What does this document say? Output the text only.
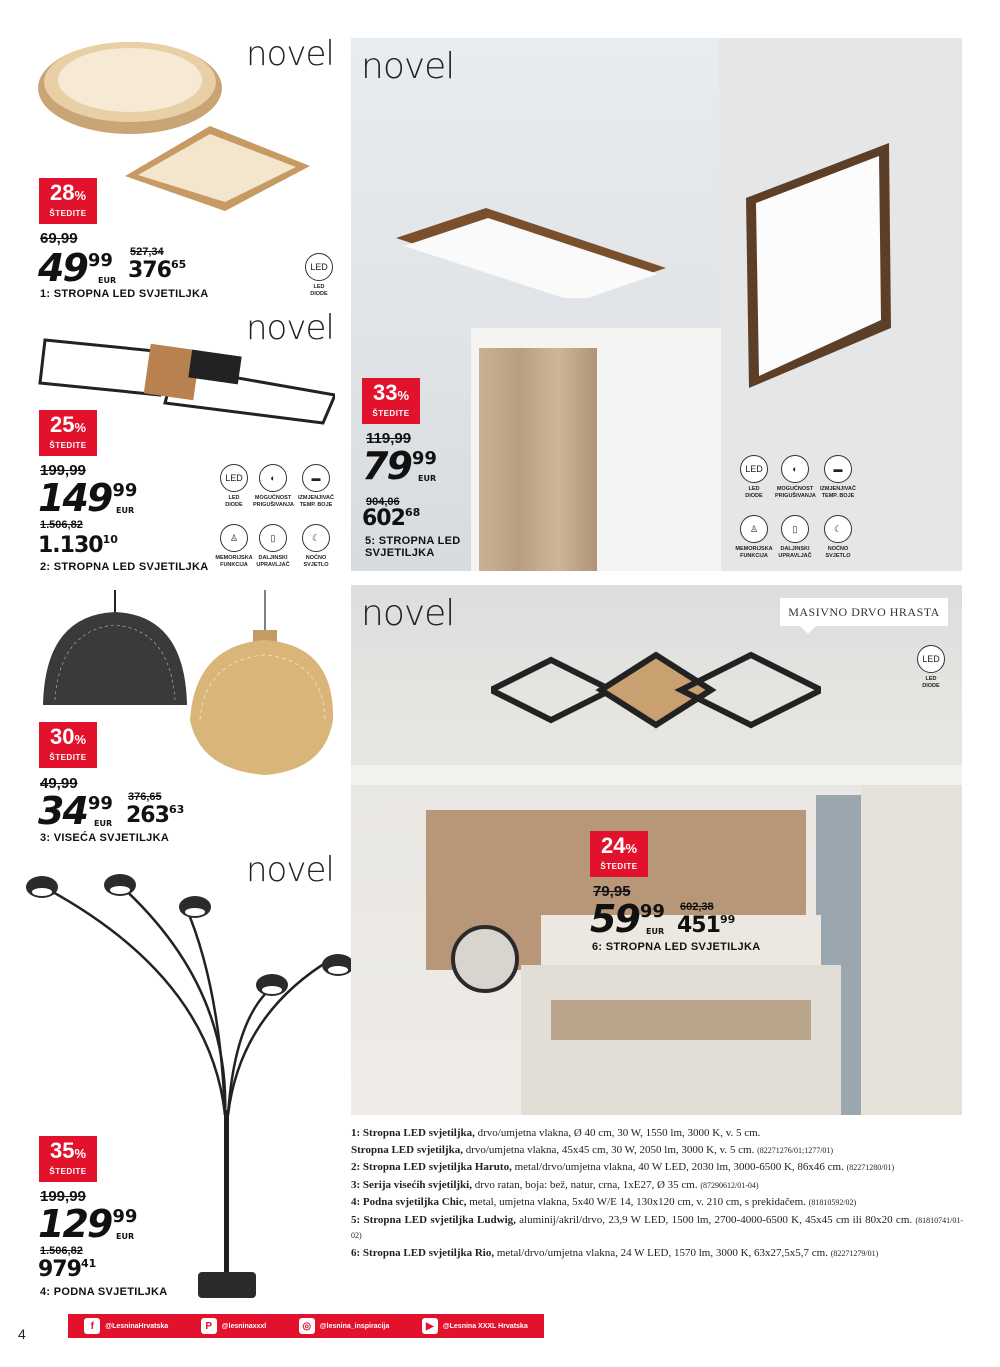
novel
28%
ŠTEDITE
69,99
4999
EUR
527,34
$376^{65}$
1: STROPNA LED SVJETILJKA
LED
LED
DIODE
novel
25%
ŠTEDITE
199,99
14999
EUR
1.506,82
1.130$^{10}$
2: STROPNA LED SVJETILJKA
LED
LED
DIODE
◐
MOGUĆNOST
PRIGUŠIVANJA
▬
IZMJENJIVAČ
TEMP. BOJE
♙
MEMORIJSKA
FUNKCIJA
▯
DALJINSKI
UPRAVLJAČ
☾
NOĆNO
SVJETLO
novel
33%
ŠTEDITE
119,99
7999
EUR
904,06
$602^{68}$
5: STROPNA LED
SVJETILJKA
LED
LED
DIODE
◐
MOGUĆNOST
PRIGUŠIVANJA
▬
IZMJENJIVAČ
TEMP. BOJE
♙
MEMORIJSKA
FUNKCIJA
▯
DALJINSKI
UPRAVLJAČ
☾
NOĆNO
SVJETLO
30%
ŠTEDITE
49,99
3499
EUR
376,65
$263^{63}$
3: VISEĆA SVJETILJKA
novel
35%
ŠTEDITE
199,99
12999
EUR
1.506,82
$979^{41}$
4: PODNA SVJETILJKA
novel	MASIVNO DRVO HRASTA
LED
LED
DIODE
24%
ŠTEDITE
79,95
5999
EUR
602,38
$451^{99}$
6: STROPNA LED SVJETILJKA

1: Stropna LED svjetiljka, drvo/umjetna vlakna, Ø 40 cm, 30 W, 1550 lm, 3000 K, v. 5 cm.

Stropna LED svjetiljka, drvo/umjetna vlakna, 45x45 cm, 30 W, 2050 lm, 3000 K, v. 5 cm. (82271276/01;1277/01)

2: Stropna LED svjetiljka Haruto, metal/drvo/umjetna vlakna, 40 W LED, 2030 lm, 3000-6500 K, 86x46 cm. (82271280/01)

3: Serija visećih svjetiljki, drvo ratan, boja: bež, natur, crna, 1xE27, Ø 35 cm. (87290612/01-04)

4: Podna svjetiljka Chic, metal, umjetna vlakna, 5x40 W/E 14, 130x120 cm, v. 210 cm, s prekidačem. (81810592/02)

5: Stropna LED svjetiljka Ludwig, aluminij/akril/drvo, 23,9 W LED, 1500 lm, 2700-4000-6500 K, 45x45 cm ili 80x20 cm. (81810741/01-02)

6: Stropna LED svjetiljka Rio, metal/drvo/umjetna vlakna, 24 W LED, 1570 lm, 3000 K, 63x27,5x5,7 cm. (82271279/01)

4	f	@LesninaHrvatska	P	@lesninaxxxl	◎	@lesnina_inspiracija	▶	@Lesnina XXXL Hrvatska
